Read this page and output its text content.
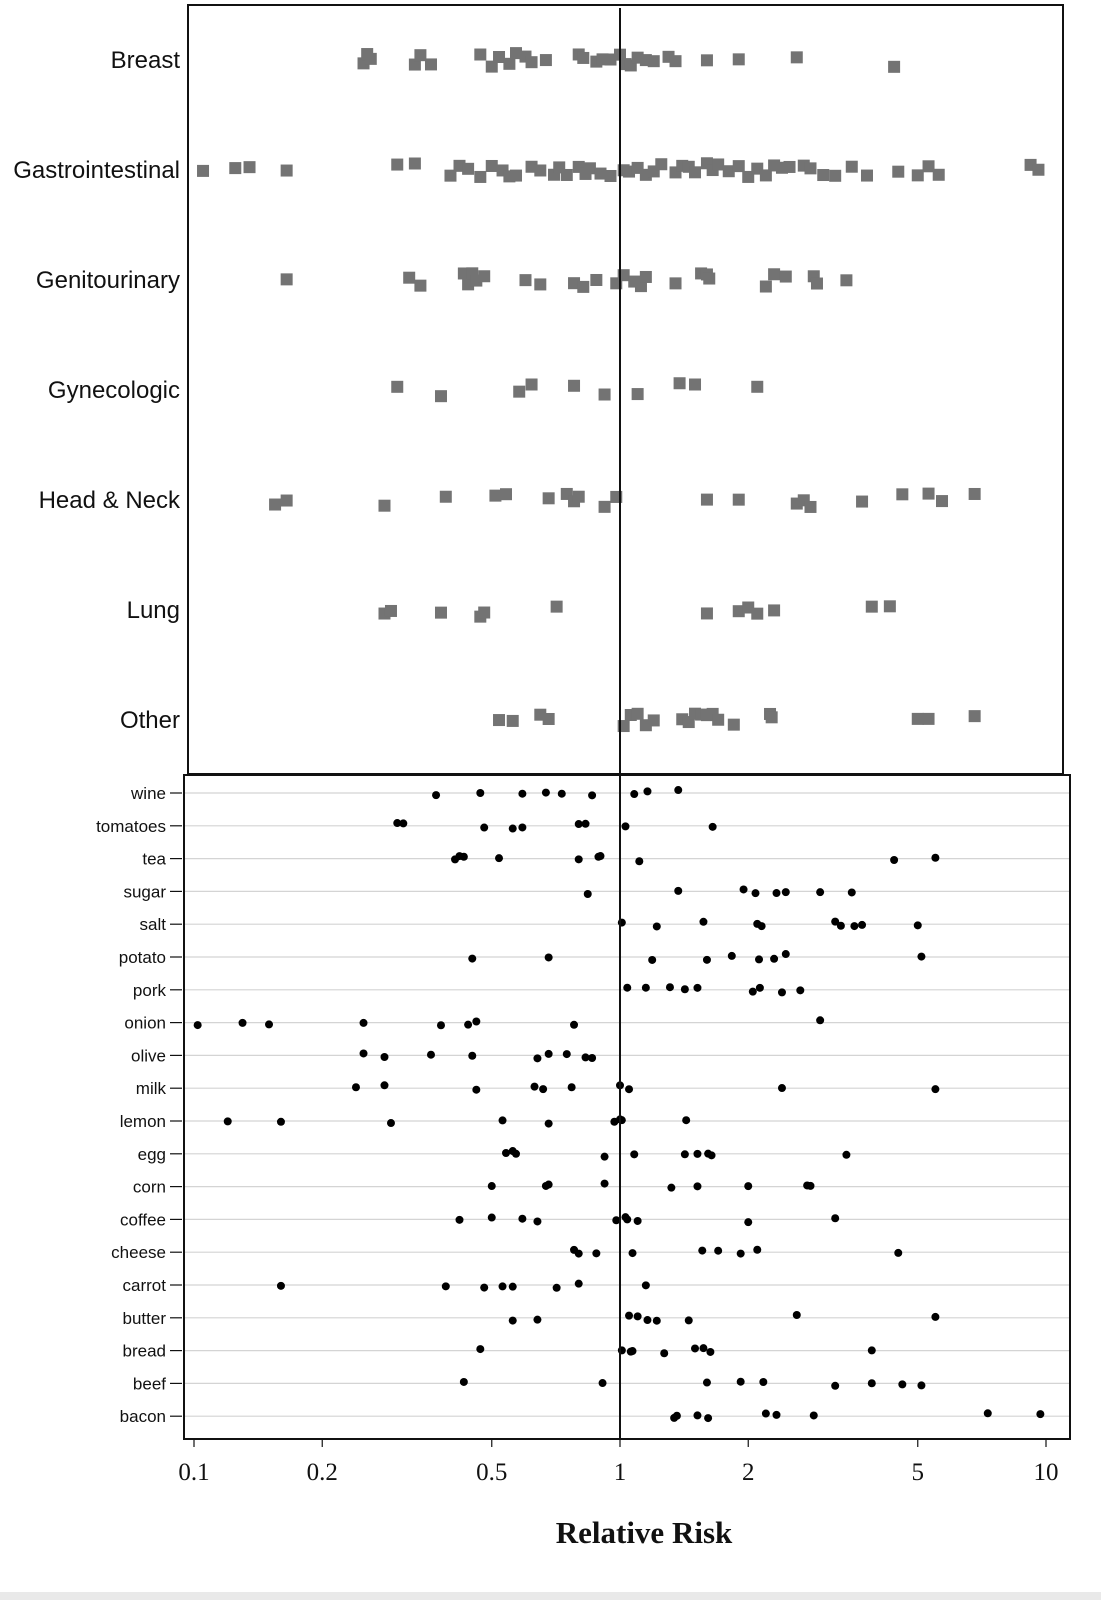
Breast
Gastrointestinal
Genitourinary
Gynecologic
Head & Neck
Lung
Other
wine
tomatoes
tea
sugar
salt
potato
pork
onion
olive
milk
lemon
egg
corn
coffee
cheese
carrot
butter
bread
beef
bacon
0.1	0.2	0.5	1	2	5	10
Relative Risk
